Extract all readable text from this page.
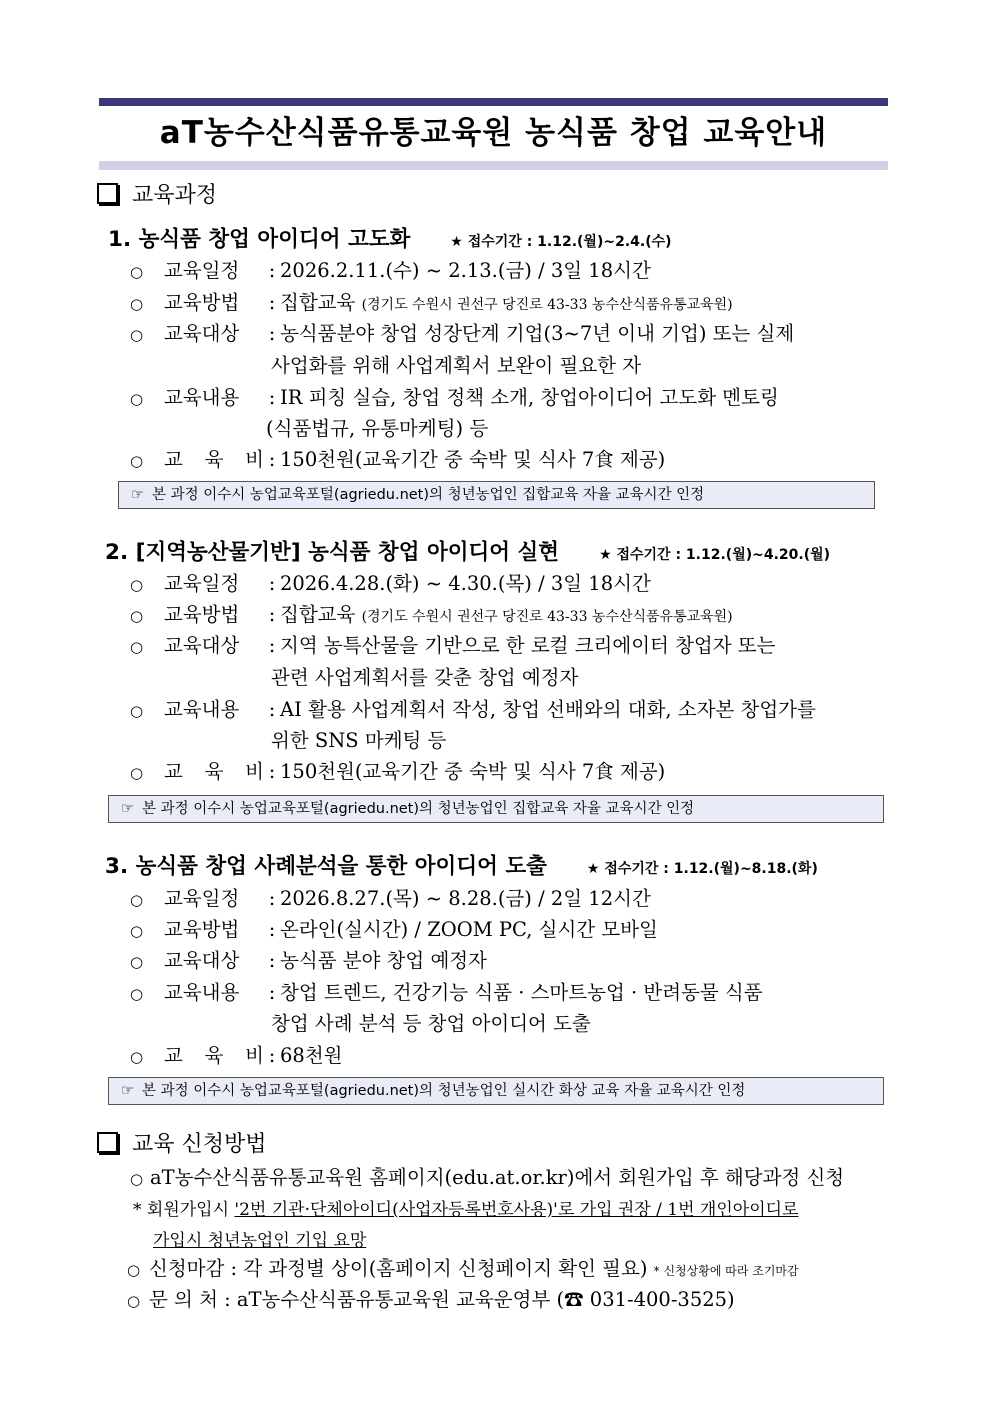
aT농수산식품유통교육원 농식품 창업 교육안내
교육과정
1. 농식품 창업 아이디어 고도화	★ 접수기간 : 1.12.(월)~2.4.(수)
○ 교육일정 : 2026.2.11.(수) ~ 2.13.(금) / 3일 18시간
○ 교육방법 : 집합교육 (경기도 수원시 권선구 당진로 43-33 농수산식품유통교육원)
○ 교육대상 : 농식품분야 창업 성장단계 기업(3~7년 이내 기업) 또는 실제
사업화를 위해 사업계획서 보완이 필요한 자
○ 교육내용 : IR 피칭 실습, 창업 정책 소개, 창업아이디어 고도화 멘토링
(식품법규, 유통마케팅) 등
○ 교 육 비 : 150천원(교육기간 중 숙박 및 식사 7食 제공)
☞ 본 과정 이수시 농업교육포털(agriedu.net)의 청년농업인 집합교육 자율 교육시간 인정
2. [지역농산물기반] 농식품 창업 아이디어 실현	★ 접수기간 : 1.12.(월)~4.20.(월)
○ 교육일정 : 2026.4.28.(화) ~ 4.30.(목) / 3일 18시간
○ 교육방법 : 집합교육 (경기도 수원시 권선구 당진로 43-33 농수산식품유통교육원)
○ 교육대상 : 지역 농특산물을 기반으로 한 로컬 크리에이터 창업자 또는
관련 사업계획서를 갖춘 창업 예정자
○ 교육내용 : AI 활용 사업계획서 작성, 창업 선배와의 대화, 소자본 창업가를
위한 SNS 마케팅 등
○ 교 육 비 : 150천원(교육기간 중 숙박 및 식사 7食 제공)
☞ 본 과정 이수시 농업교육포털(agriedu.net)의 청년농업인 집합교육 자율 교육시간 인정
3. 농식품 창업 사례분석을 통한 아이디어 도출	★ 접수기간 : 1.12.(월)~8.18.(화)
○ 교육일정 : 2026.8.27.(목) ~ 8.28.(금) / 2일 12시간
○ 교육방법 : 온라인(실시간) / ZOOM PC, 실시간 모바일
○ 교육대상 : 농식품 분야 창업 예정자
○ 교육내용 : 창업 트렌드, 건강기능 식품 · 스마트농업 · 반려동물 식품
창업 사례 분석 등 창업 아이디어 도출
○ 교 육 비 : 68천원
☞ 본 과정 이수시 농업교육포털(agriedu.net)의 청년농업인 실시간 화상 교육 자율 교육시간 인정
교육 신청방법
○ aT농수산식품유통교육원 홈페이지(edu.at.or.kr)에서 회원가입 후 해당과정 신청
* 회원가입시 '2번 기관·단체아이디(사업자등록번호사용)'로 가입 권장 / 1번 개인아이디로
가입시 청년농업인 기입 요망
○ 신청마감 : 각 과정별 상이(홈페이지 신청페이지 확인 필요) * 신청상황에 따라 조기마감
○ 문 의 처 : aT농수산식품유통교육원 교육운영부 (☎ 031-400-3525)
